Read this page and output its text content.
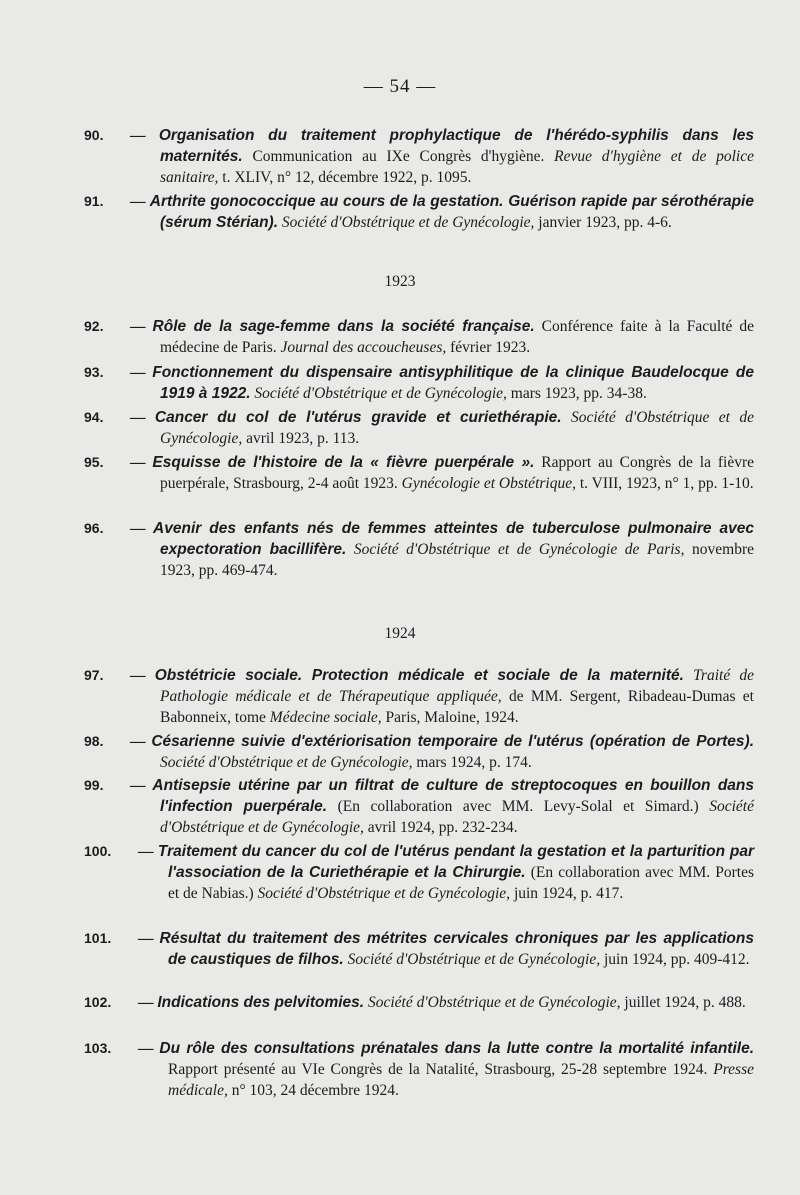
— 54 —
90. — Organisation du traitement prophylactique de l'hérédo-syphilis dans les maternités. Communication au IXe Congrès d'hygiène. Revue d'hygiène et de police sanitaire, t. XLIV, n° 12, décembre 1922, p. 1095.
91. — Arthrite gonococcique au cours de la gestation. Guérison rapide par sérothérapie (sérum Stérian). Société d'Obstétrique et de Gynécologie, janvier 1923, pp. 4-6.
1923
92. — Rôle de la sage-femme dans la société française. Conférence faite à la Faculté de médecine de Paris. Journal des accoucheuses, février 1923.
93. — Fonctionnement du dispensaire antisyphilitique de la clinique Baudelocque de 1919 à 1922. Société d'Obstétrique et de Gynécologie, mars 1923, pp. 34-38.
94. — Cancer du col de l'utérus gravide et curiethérapie. Société d'Obstétrique et de Gynécologie, avril 1923, p. 113.
95. — Esquisse de l'histoire de la « fièvre puerpérale ». Rapport au Congrès de la fièvre puerpérale, Strasbourg, 2-4 août 1923. Gynécologie et Obstétrique, t. VIII, 1923, n° 1, pp. 1-10.
96. — Avenir des enfants nés de femmes atteintes de tuberculose pulmonaire avec expectoration bacillifère. Société d'Obstétrique et de Gynécologie de Paris, novembre 1923, pp. 469-474.
1924
97. — Obstétricie sociale. Protection médicale et sociale de la maternité. Traité de Pathologie médicale et de Thérapeutique appliquée, de MM. Sergent, Ribadeau-Dumas et Babonneix, tome Médecine sociale, Paris, Maloine, 1924.
98. — Césarienne suivie d'extériorisation temporaire de l'utérus (opération de Portes). Société d'Obstétrique et de Gynécologie, mars 1924, p. 174.
99. — Antisepsie utérine par un filtrat de culture de streptocoques en bouillon dans l'infection puerpérale. (En collaboration avec MM. Levy-Solal et Simard.) Société d'Obstétrique et de Gynécologie, avril 1924, pp. 232-234.
100. — Traitement du cancer du col de l'utérus pendant la gestation et la parturition par l'association de la Curiethérapie et la Chirurgie. (En collaboration avec MM. Portes et de Nabias.) Société d'Obstétrique et de Gynécologie, juin 1924, p. 417.
101. — Résultat du traitement des métrites cervicales chroniques par les applications de caustiques de filhos. Société d'Obstétrique et de Gynécologie, juin 1924, pp. 409-412.
102. — Indications des pelvitomies. Société d'Obstétrique et de Gynécologie, juillet 1924, p. 488.
103. — Du rôle des consultations prénatales dans la lutte contre la mortalité infantile. Rapport présenté au VIe Congrès de la Natalité, Strasbourg, 25-28 septembre 1924. Presse médicale, n° 103, 24 décembre 1924.
